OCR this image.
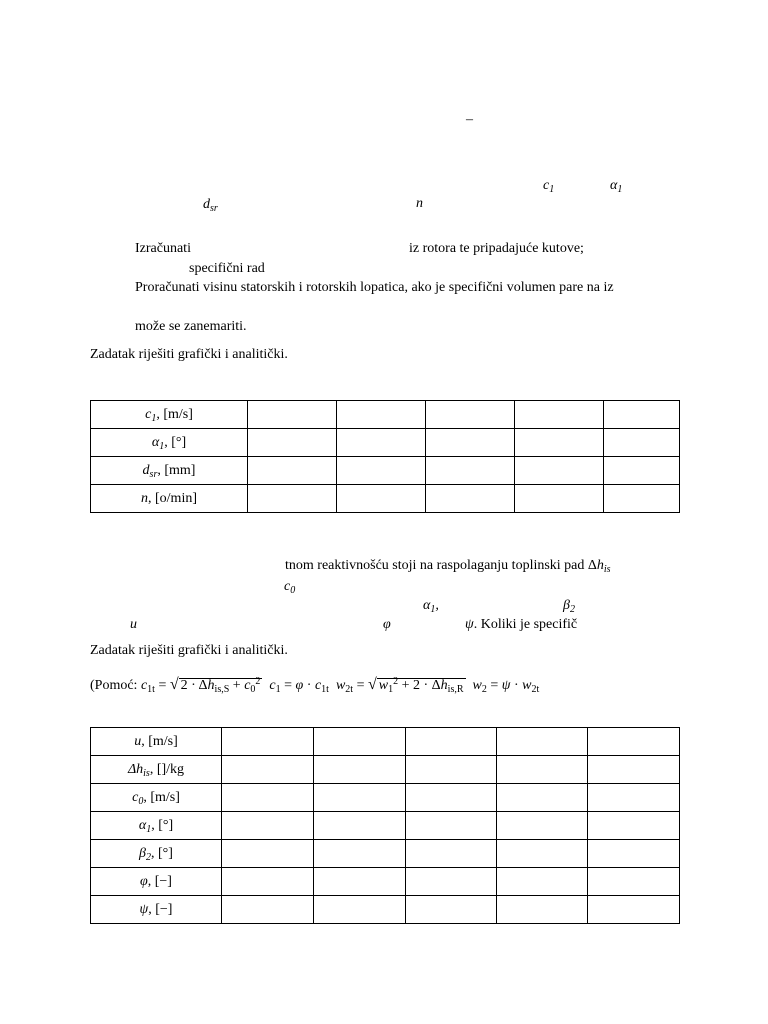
–
$c_1$	$\alpha_1$
$d_{sr}$	n
Izračunati	iz rotora te pripadajuće kutove;
specifični rad
Proračunati visinu statorskih i rotorskih lopatica, ako je specifični volumen pare na iz
može se zanemariti.
Zadatak riješiti grafički i analitički.
$c_1$, [m/s]					
$\alpha_1$, [°]					
$d_{sr}$, [mm]					
n, [o/min]					
tnom reaktivnošću stoji na raspolaganju toplinski pad $\Delta h_{is}$
$c_0$
$\alpha_1$,	$\beta_2$
u	φ	ψ. Koliki je specifič
Zadatak riješiti grafički i analitički.
(Pomoć: $c_{1t}$ = √ $2 \cdot \Delta h_{is,S} + c_0^2$ $c_1 = \varphi \cdot c_{1t}$ $w_{2t}$ = √ $w_1^2 + 2 \cdot \Delta h_{is,R}$ $w_2 = \psi \cdot w_{2t}$
u, [m/s]					
$\Delta h_{is}$, []/kg					
$c_0$, [m/s]					
$\alpha_1$, [°]					
$\beta_2$, [°]					
φ, [−]					
ψ, [−]					
